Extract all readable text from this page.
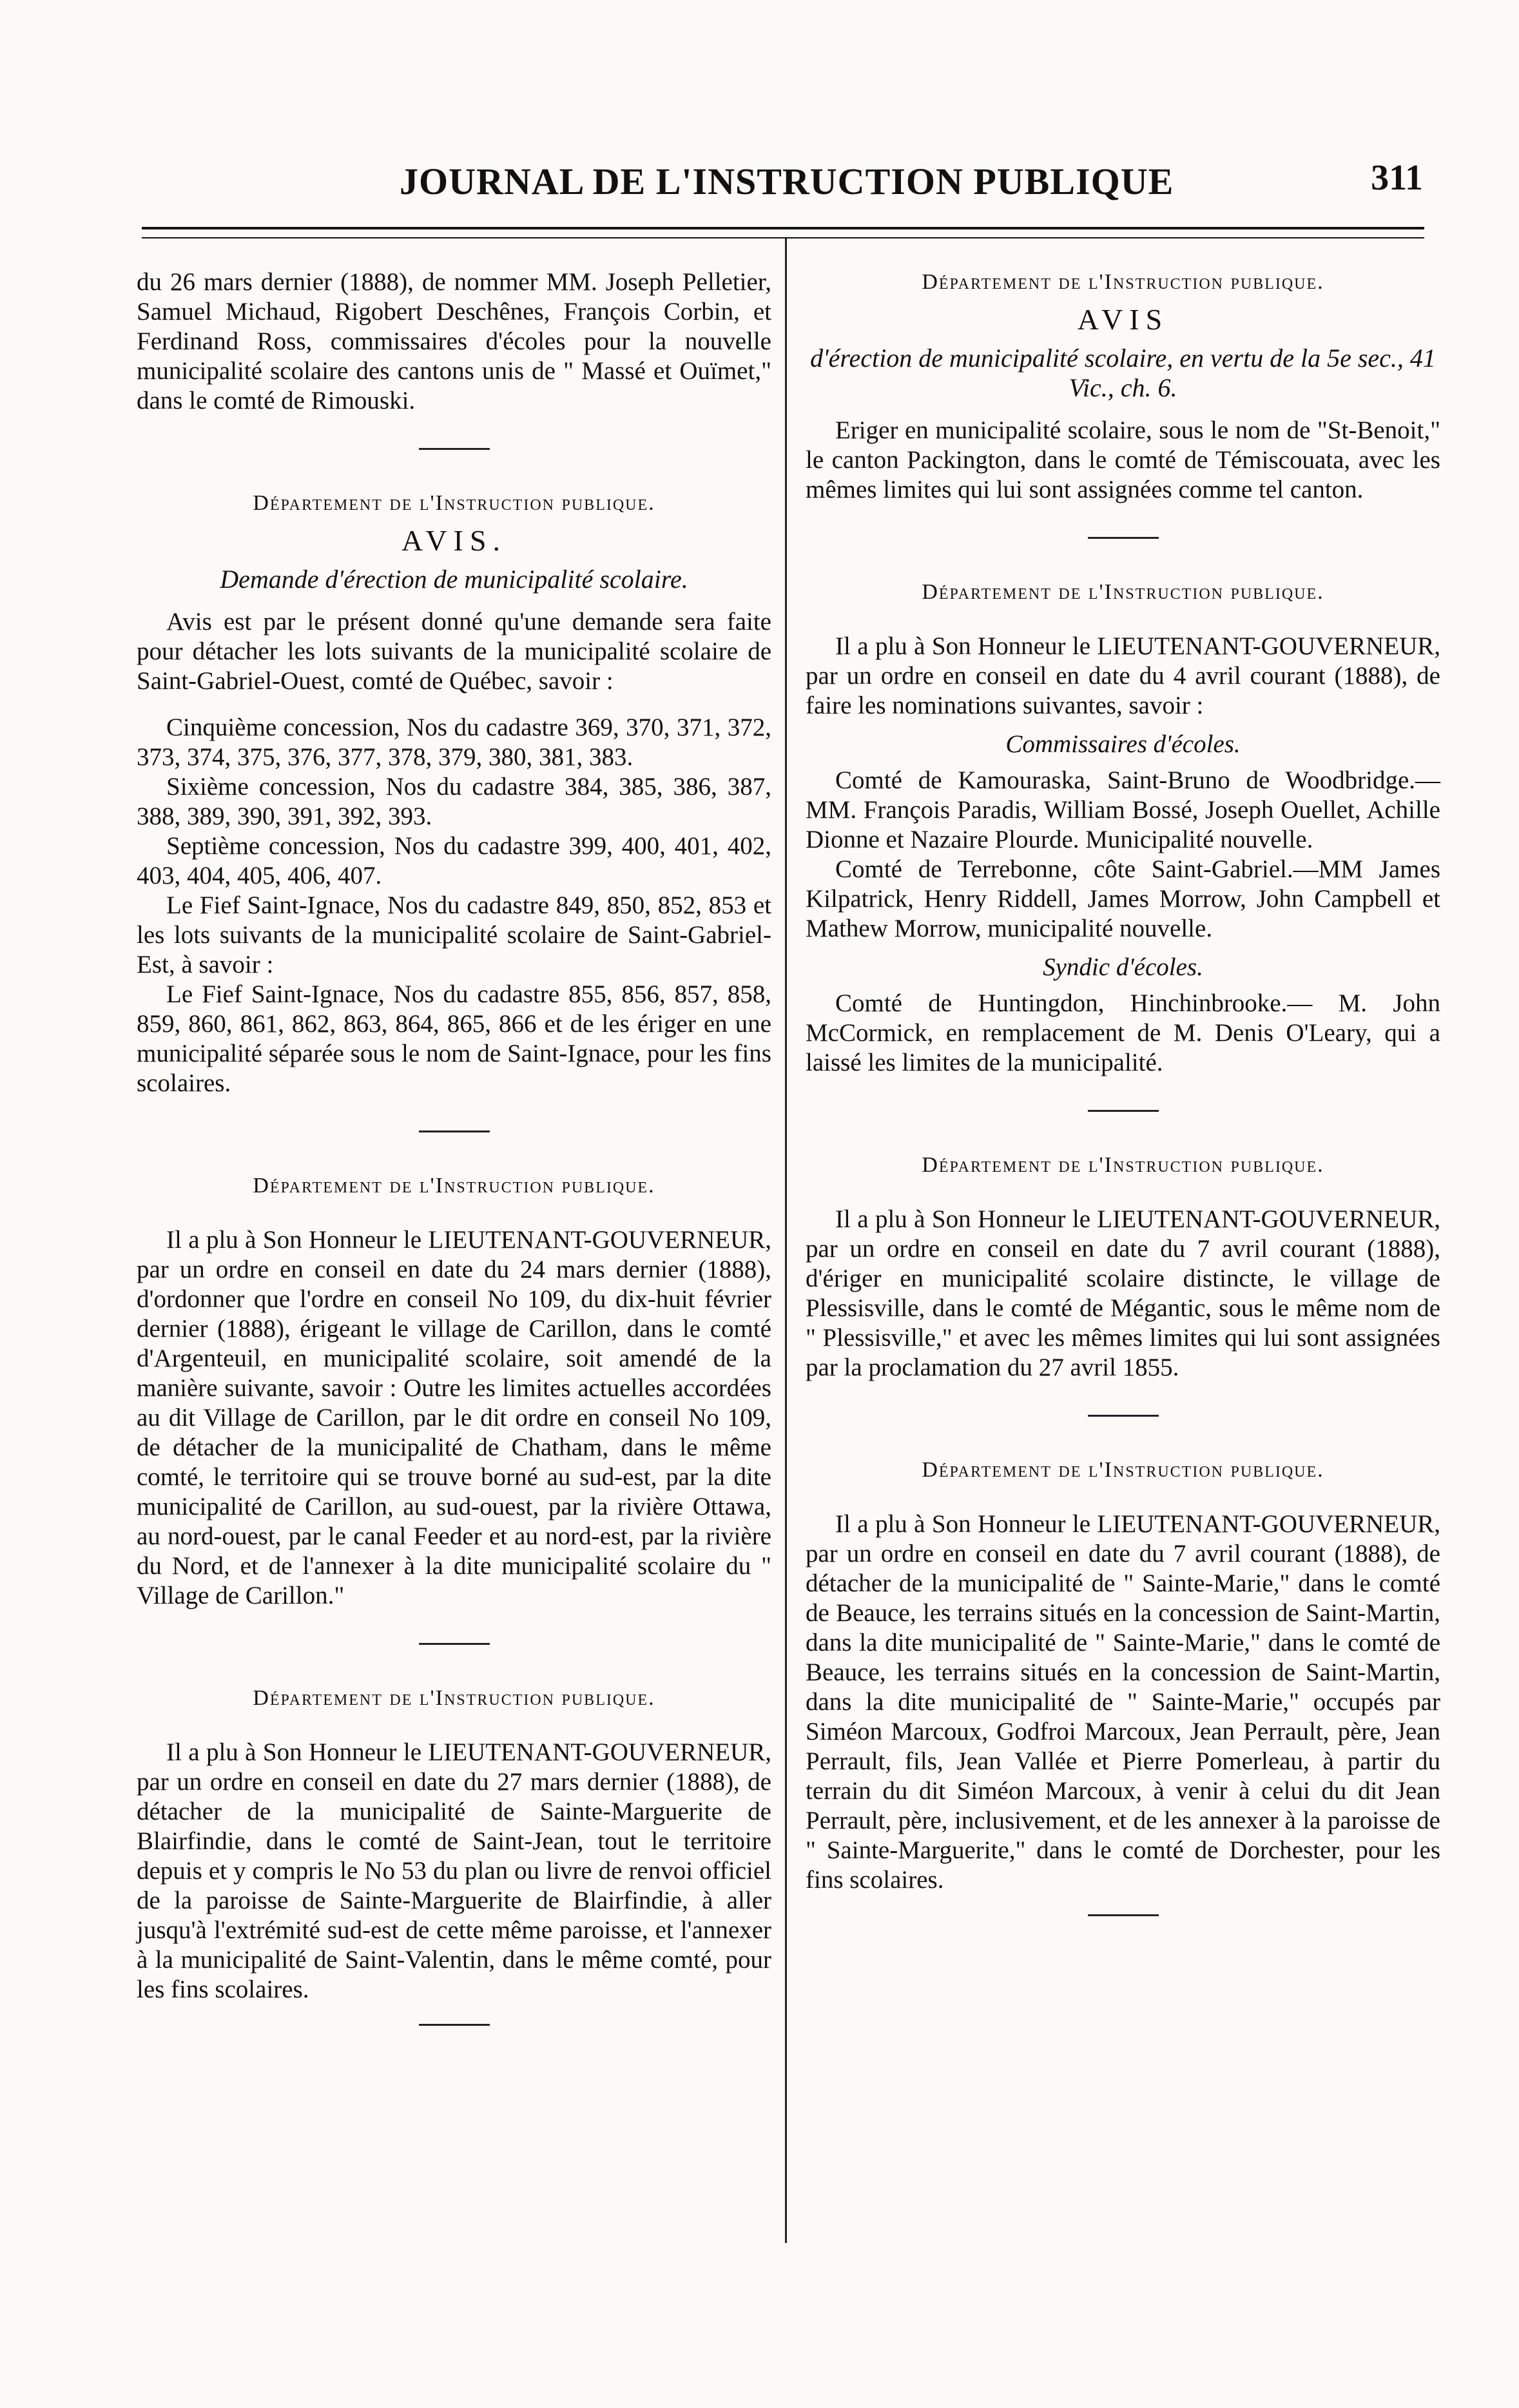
JOURNAL DE L'INSTRUCTION PUBLIQUE	311

du 26 mars dernier (1888), de nommer MM. Joseph Pelletier, Samuel Michaud, Rigobert Deschênes, François Corbin, et Ferdinand Ross, commissaires d'écoles pour la nouvelle municipalité scolaire des cantons unis de " Massé et Ouïmet," dans le comté de Rimouski.

Département de l'Instruction publique.
AVIS.
Demande d'érection de municipalité scolaire.

Avis est par le présent donné qu'une demande sera faite pour détacher les lots suivants de la municipalité scolaire de Saint-Gabriel-Ouest, comté de Québec, savoir :

Cinquième concession, Nos du cadastre 369, 370, 371, 372, 373, 374, 375, 376, 377, 378, 379, 380, 381, 383.

Sixième concession, Nos du cadastre 384, 385, 386, 387, 388, 389, 390, 391, 392, 393.

Septième concession, Nos du cadastre 399, 400, 401, 402, 403, 404, 405, 406, 407.

Le Fief Saint-Ignace, Nos du cadastre 849, 850, 852, 853 et les lots suivants de la municipalité scolaire de Saint-Gabriel-Est, à savoir :

Le Fief Saint-Ignace, Nos du cadastre 855, 856, 857, 858, 859, 860, 861, 862, 863, 864, 865, 866 et de les ériger en une municipalité séparée sous le nom de Saint-Ignace, pour les fins scolaires.

Département de l'Instruction publique.

Il a plu à Son Honneur le LIEUTENANT-GOUVERNEUR, par un ordre en conseil en date du 24 mars dernier (1888), d'ordonner que l'ordre en conseil No 109, du dix-huit février dernier (1888), érigeant le village de Carillon, dans le comté d'Argenteuil, en municipalité scolaire, soit amendé de la manière suivante, savoir : Outre les limites actuelles accordées au dit Village de Carillon, par le dit ordre en conseil No 109, de détacher de la municipalité de Chatham, dans le même comté, le territoire qui se trouve borné au sud-est, par la dite municipalité de Carillon, au sud-ouest, par la rivière Ottawa, au nord-ouest, par le canal Feeder et au nord-est, par la rivière du Nord, et de l'annexer à la dite municipalité scolaire du " Village de Carillon."

Département de l'Instruction publique.

Il a plu à Son Honneur le LIEUTENANT-GOUVERNEUR, par un ordre en conseil en date du 27 mars dernier (1888), de détacher de la municipalité de Sainte-Marguerite de Blairfindie, dans le comté de Saint-Jean, tout le territoire depuis et y compris le No 53 du plan ou livre de renvoi officiel de la paroisse de Sainte-Marguerite de Blairfindie, à aller jusqu'à l'extrémité sud-est de cette même paroisse, et l'annexer à la municipalité de Saint-Valentin, dans le même comté, pour les fins scolaires.

Département de l'Instruction publique.
AVIS
d'érection de municipalité scolaire, en vertu de la 5e sec., 41 Vic., ch. 6.

Eriger en municipalité scolaire, sous le nom de "St-Benoit," le canton Packington, dans le comté de Témiscouata, avec les mêmes limites qui lui sont assignées comme tel canton.

Département de l'Instruction publique.

Il a plu à Son Honneur le LIEUTENANT-GOUVERNEUR, par un ordre en conseil en date du 4 avril courant (1888), de faire les nominations suivantes, savoir :

Commissaires d'écoles.

Comté de Kamouraska, Saint-Bruno de Woodbridge.—MM. François Paradis, William Bossé, Joseph Ouellet, Achille Dionne et Nazaire Plourde. Municipalité nouvelle.

Comté de Terrebonne, côte Saint-Gabriel.—MM James Kilpatrick, Henry Riddell, James Morrow, John Campbell et Mathew Morrow, municipalité nouvelle.

Syndic d'écoles.

Comté de Huntingdon, Hinchinbrooke.— M. John McCormick, en remplacement de M. Denis O'Leary, qui a laissé les limites de la municipalité.

Département de l'Instruction publique.

Il a plu à Son Honneur le LIEUTENANT-GOUVERNEUR, par un ordre en conseil en date du 7 avril courant (1888), d'ériger en municipalité scolaire distincte, le village de Plessisville, dans le comté de Mégantic, sous le même nom de " Plessisville," et avec les mêmes limites qui lui sont assignées par la proclamation du 27 avril 1855.

Département de l'Instruction publique.

Il a plu à Son Honneur le LIEUTENANT-GOUVERNEUR, par un ordre en conseil en date du 7 avril courant (1888), de détacher de la municipalité de " Sainte-Marie," dans le comté de Beauce, les terrains situés en la concession de Saint-Martin, dans la dite municipalité de " Sainte-Marie," dans le comté de Beauce, les terrains situés en la concession de Saint-Martin, dans la dite municipalité de " Sainte-Marie," occupés par Siméon Marcoux, Godfroi Marcoux, Jean Perrault, père, Jean Perrault, fils, Jean Vallée et Pierre Pomerleau, à partir du terrain du dit Siméon Marcoux, à venir à celui du dit Jean Perrault, père, inclusivement, et de les annexer à la paroisse de " Sainte-Marguerite," dans le comté de Dorchester, pour les fins scolaires.
